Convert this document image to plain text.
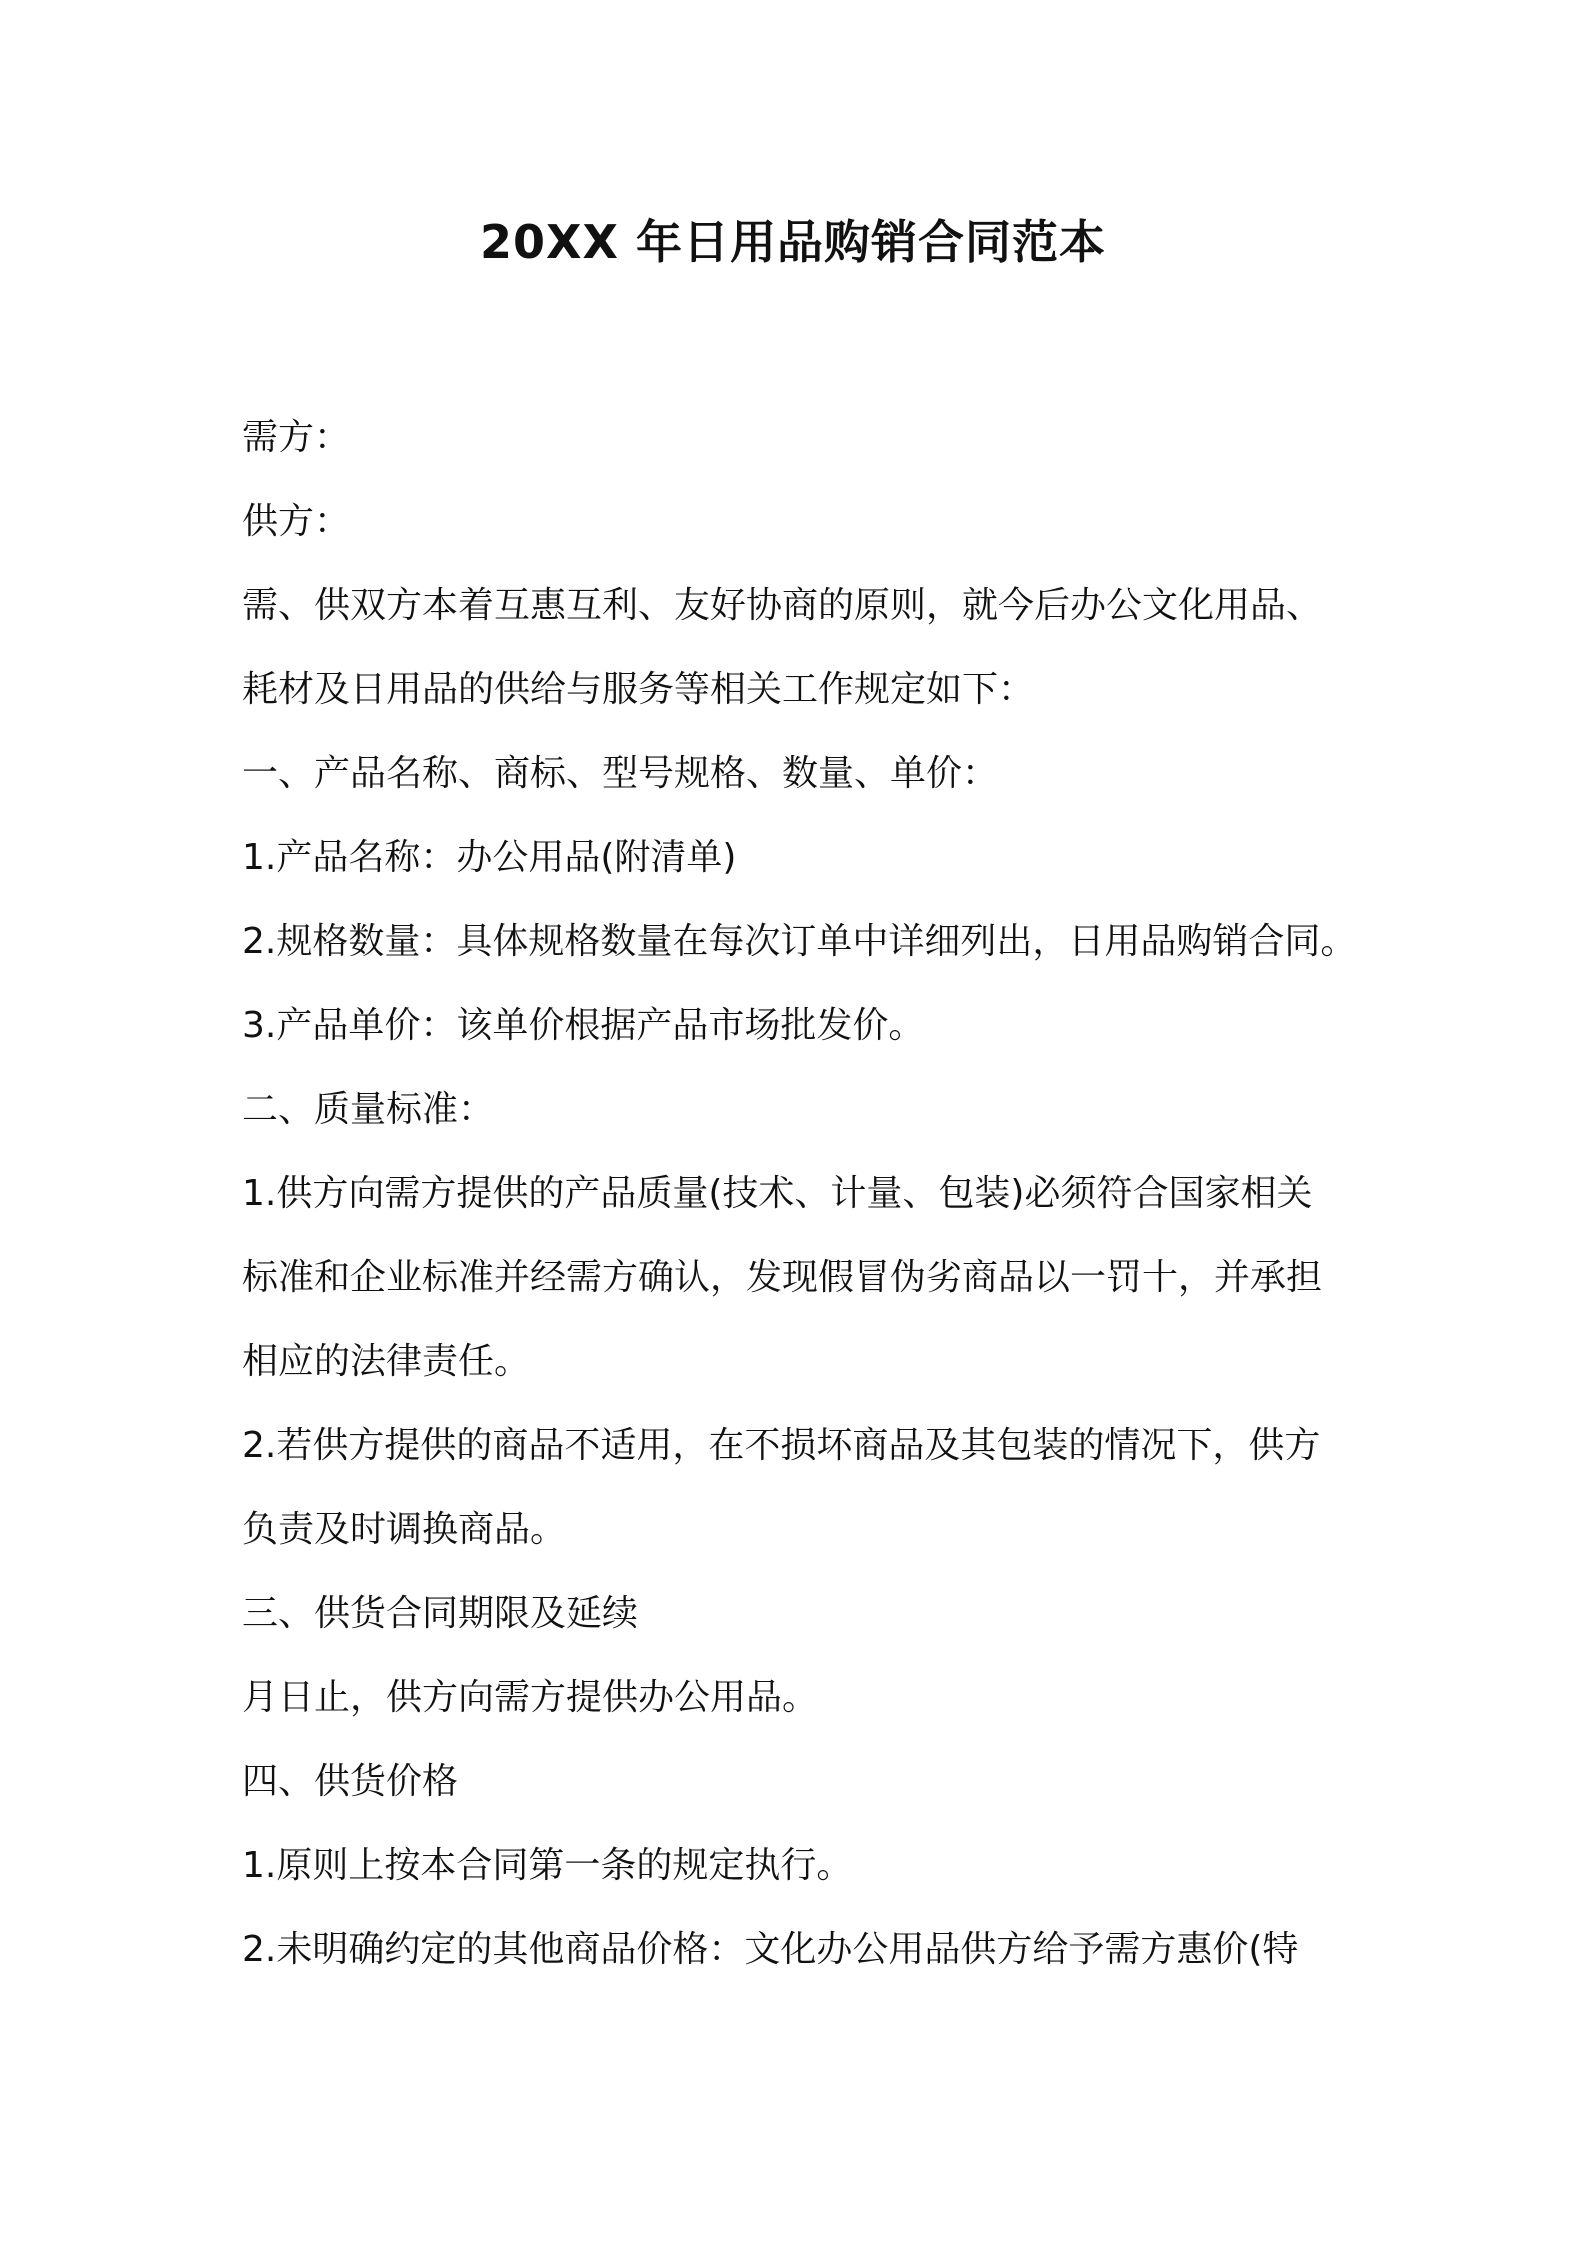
20XX 年日用品购销合同范本

需方：

供方：

需、供双方本着互惠互利、友好协商的原则，就今后办公文化用品、

耗材及日用品的供给与服务等相关工作规定如下：

一、产品名称、商标、型号规格、数量、单价：

1.产品名称：办公用品(附清单)

2.规格数量：具体规格数量在每次订单中详细列出，日用品购销合同。

3.产品单价：该单价根据产品市场批发价。

二、质量标准：

1.供方向需方提供的产品质量(技术、计量、包装)必须符合国家相关

标准和企业标准并经需方确认，发现假冒伪劣商品以一罚十，并承担

相应的法律责任。

2.若供方提供的商品不适用，在不损坏商品及其包装的情况下，供方

负责及时调换商品。

三、供货合同期限及延续

月日止，供方向需方提供办公用品。

四、供货价格

1.原则上按本合同第一条的规定执行。

2.未明确约定的其他商品价格：文化办公用品供方给予需方惠价(特
